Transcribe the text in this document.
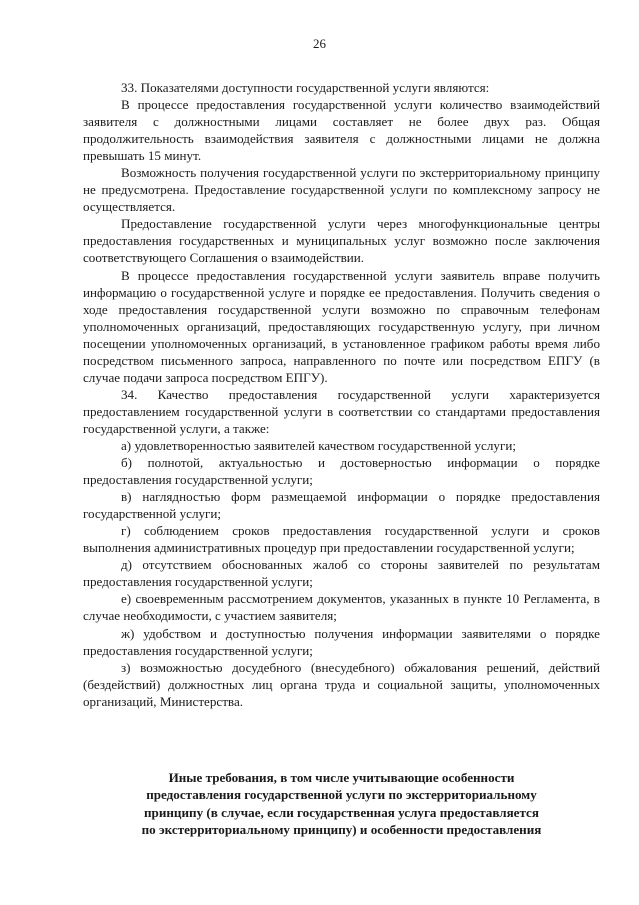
26

33. Показателями доступности государственной услуги являются:

В процессе предоставления государственной услуги количество взаимодействий заявителя с должностными лицами составляет не более двух раз. Общая продолжительность взаимодействия заявителя с должностными лицами не должна превышать 15 минут.

Возможность получения государственной услуги по экстерриториальному принципу не предусмотрена. Предоставление государственной услуги по комплексному запросу не осуществляется.

Предоставление государственной услуги через многофункциональные центры предоставления государственных и муниципальных услуг возможно после заключения соответствующего Соглашения о взаимодействии.

В процессе предоставления государственной услуги заявитель вправе получить информацию о государственной услуге и порядке ее предоставления. Получить сведения о ходе предоставления государственной услуги возможно по справочным телефонам уполномоченных организаций, предоставляющих государственную услугу, при личном посещении уполномоченных организаций, в установленное графиком работы время либо посредством письменного запроса, направленного по почте или посредством ЕПГУ (в случае подачи запроса посредством ЕПГУ).

34. Качество предоставления государственной услуги характеризуется предоставлением государственной услуги в соответствии со стандартами предоставления государственной услуги, а также:

а) удовлетворенностью заявителей качеством государственной услуги;

б) полнотой, актуальностью и достоверностью информации о порядке предоставления государственной услуги;

в) наглядностью форм размещаемой информации о порядке предоставления государственной услуги;

г) соблюдением сроков предоставления государственной услуги и сроков выполнения административных процедур при предоставлении государственной услуги;

д) отсутствием обоснованных жалоб со стороны заявителей по результатам предоставления государственной услуги;

е) своевременным рассмотрением документов, указанных в пункте 10 Регламента, в случае необходимости, с участием заявителя;

ж) удобством и доступностью получения информации заявителями о порядке предоставления государственной услуги;

з) возможностью досудебного (внесудебного) обжалования решений, действий (бездействий) должностных лиц органа труда и социальной защиты, уполномоченных организаций, Министерства.

Иные требования, в том числе учитывающие особенности
предоставления государственной услуги по экстерриториальному
принципу (в случае, если государственная услуга предоставляется
по экстерриториальному принципу) и особенности предоставления
